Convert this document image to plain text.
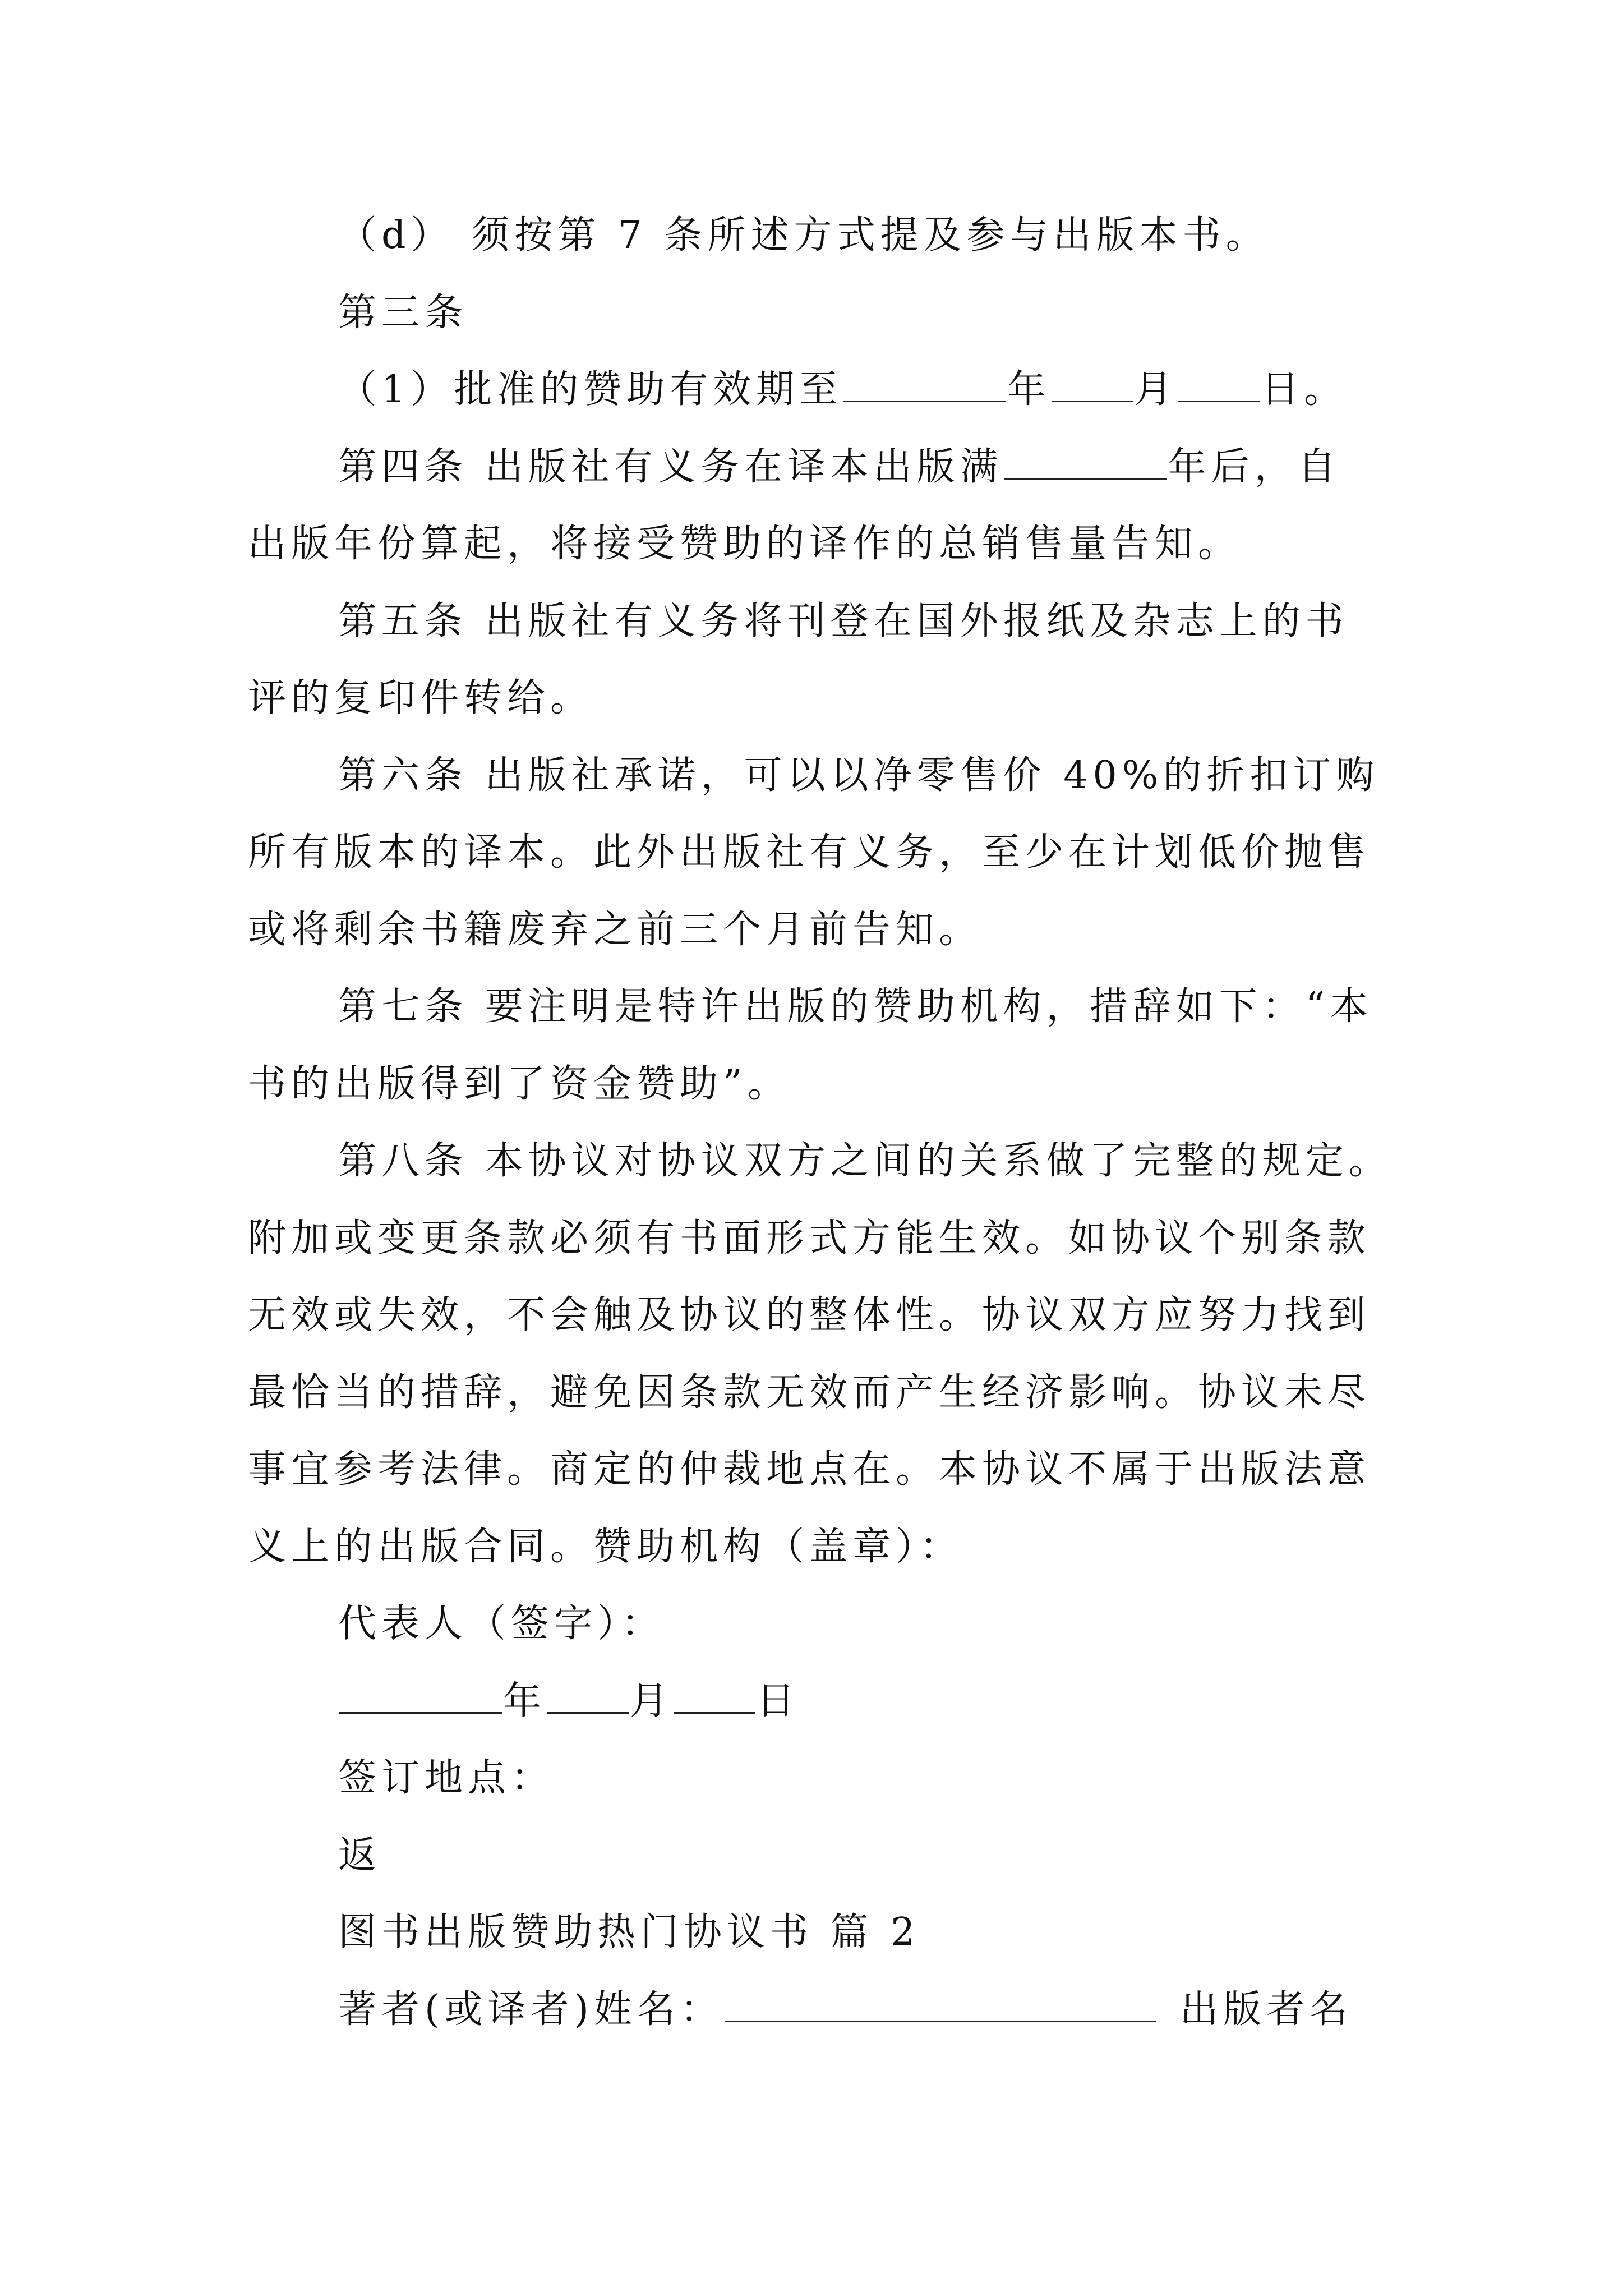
（d） 须按第 7 条所述方式提及参与出版本书。
第三条
（1）批准的赞助有效期至	年 月 日。
第四条 出版社有义务在译本出版满	年后，自
出版年份算起，将接受赞助的译作的总销售量告知。
第五条 出版社有义务将刊登在国外报纸及杂志上的书
评的复印件转给。
第六条 出版社承诺，可以以净零售价 40%的折扣订购
所有版本的译本。此外出版社有义务，至少在计划低价抛售
或将剩余书籍废弃之前三个月前告知。
第七条 要注明是特许出版的赞助机构，措辞如下：“本
书的出版得到了资金赞助”。
第八条 本协议对协议双方之间的关系做了完整的规定。
附加或变更条款必须有书面形式方能生效。如协议个别条款
无效或失效，不会触及协议的整体性。协议双方应努力找到
最恰当的措辞，避免因条款无效而产生经济影响。协议未尽
事宜参考法律。商定的仲裁地点在。本协议不属于出版法意
义上的出版合同。赞助机构（盖章）：
代表人（签字）：
年 月 日
签订地点：
返
图书出版赞助热门协议书 篇 2
著者(或译者)姓名：	出版者名
